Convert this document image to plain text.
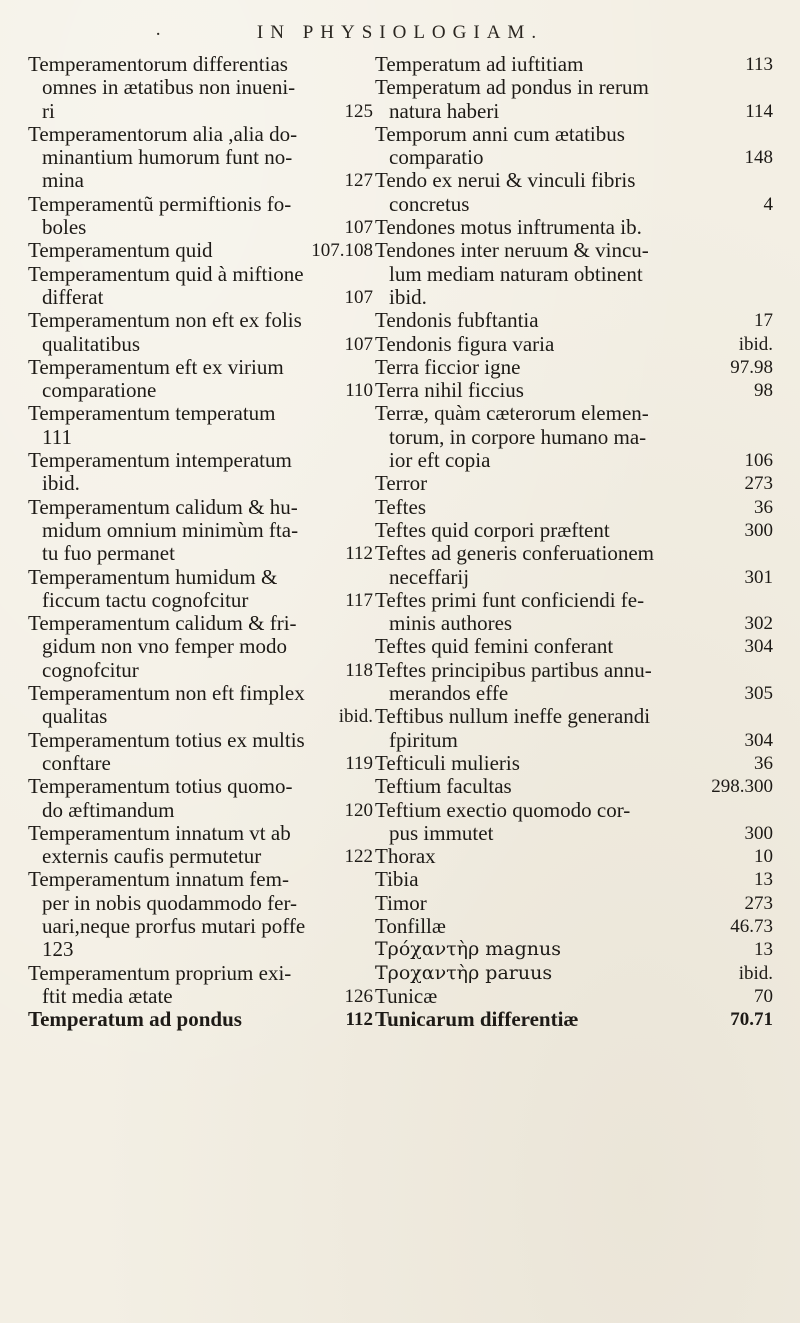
·	IN PHYSIOLOGIAM.
Temperamentorum differentias
omnes in ætatibus non inueni-
ri	125
Temperamentorum alia ,alia do-
minantium humorum funt no-
mina	127
Temperamentũ permiftionis fo-
boles	107
Temperamentum quid	107.108
Temperamentum quid à miftione
differat	107
Temperamentum non eft ex folis
qualitatibus	107
Temperamentum eft ex virium
comparatione	110
Temperamentum temperatum
111
Temperamentum intemperatum
ibid.
Temperamentum calidum & hu-
midum omnium minimùm fta-
tu fuo permanet	112
Temperamentum humidum &
ficcum tactu cognofcitur	117
Temperamentum calidum & fri-
gidum non vno femper modo
cognofcitur	118
Temperamentum non eft fimplex
qualitas	ibid.
Temperamentum totius ex multis
conftare	119
Temperamentum totius quomo-
do æftimandum	120
Temperamentum innatum vt ab
externis caufis permutetur	122
Temperamentum innatum fem-
per in nobis quodammodo fer-
uari,neque prorfus mutari poffe
123
Temperamentum proprium exi-
ftit media ætate	126
Temperatum ad pondus	112
Temperatum ad iuftitiam	113
Temperatum ad pondus in rerum
natura haberi	114
Temporum anni cum ætatibus
comparatio	148
Tendo ex nerui & vinculi fibris
concretus	4
Tendones motus inftrumenta ib.
Tendones inter neruum & vincu-
lum mediam naturam obtinent
ibid.
Tendonis fubftantia	17
Tendonis figura varia	ibid.
Terra ficcior igne	97.98
Terra nihil ficcius	98
Terræ, quàm cæterorum elemen-
torum, in corpore humano ma-
ior eft copia	106
Terror	273
Teftes	36
Teftes quid corpori præftent	300
Teftes ad generis conferuationem
neceffarij	301
Teftes primi funt conficiendi fe-
minis authores	302
Teftes quid femini conferant	304
Teftes principibus partibus annu-
merandos effe	305
Teftibus nullum ineffe generandi
fpiritum	304
Tefticuli mulieris	36
Teftium facultas	298.300
Teftium exectio quomodo cor-
pus immutet	300
Thorax	10
Tibia	13
Timor	273
Tonfillæ	46.73
Τρόχαντὴρ magnus	13
Τροχαντὴρ paruus	ibid.
Tunicæ	70
Tunicarum differentiæ	70.71
